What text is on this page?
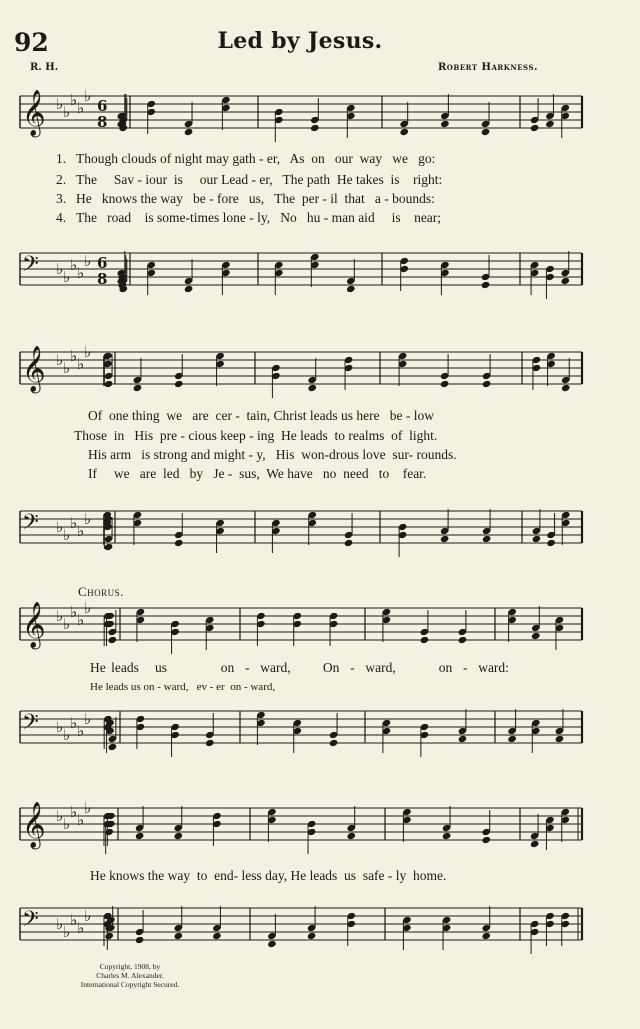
92	Led by Jesus.
R. H.	Robert Harkness.
𝄞 ♭ ♭
♭ ♭
♭
6
8
𝄢 ♭ ♭
♭ ♭
♭ 6
8
𝄞 ♭ ♭
♭ ♭
♭
𝄢 ♭ ♭
♭ ♭
♭
𝄞 ♭ ♭
♭ ♭
♭
𝄢 ♭ ♭
♭ ♭
♭
𝄞 ♭ ♭
♭ ♭
♭
𝄢 ♭ ♭
♭ ♭
♭
1. Though clouds of night may gath - er,   As  on   our  way   we   go:
2. The     Sav - iour  is     our Lead - er,   The path  He takes  is    right:
3. He   knows the way   be - fore   us,   The  per - il  that   a - bounds:
4. The   road    is some-times lone - ly,   No   hu - man aid     is    near;
Of  one thing  we   are  cer -  tain, Christ leads us here   be - low
Those  in   His  pre - cious keep - ing  He leads  to realms  of  light.
His arm   is strong and might - y,   His  won-drous love  sur- rounds.
If     we   are  led   by   Je -  sus,  We have   no  need   to    fear.
Chorus.
He leads   us          on  -  ward,      On  -  ward,        on  -  ward:
He leads us on - ward,   ev - er  on - ward,
He knows the way  to  end- less day, He leads  us  safe - ly  home.
Copyright, 1908, by
Charles M. Alexander.
International Copyright Secured.
